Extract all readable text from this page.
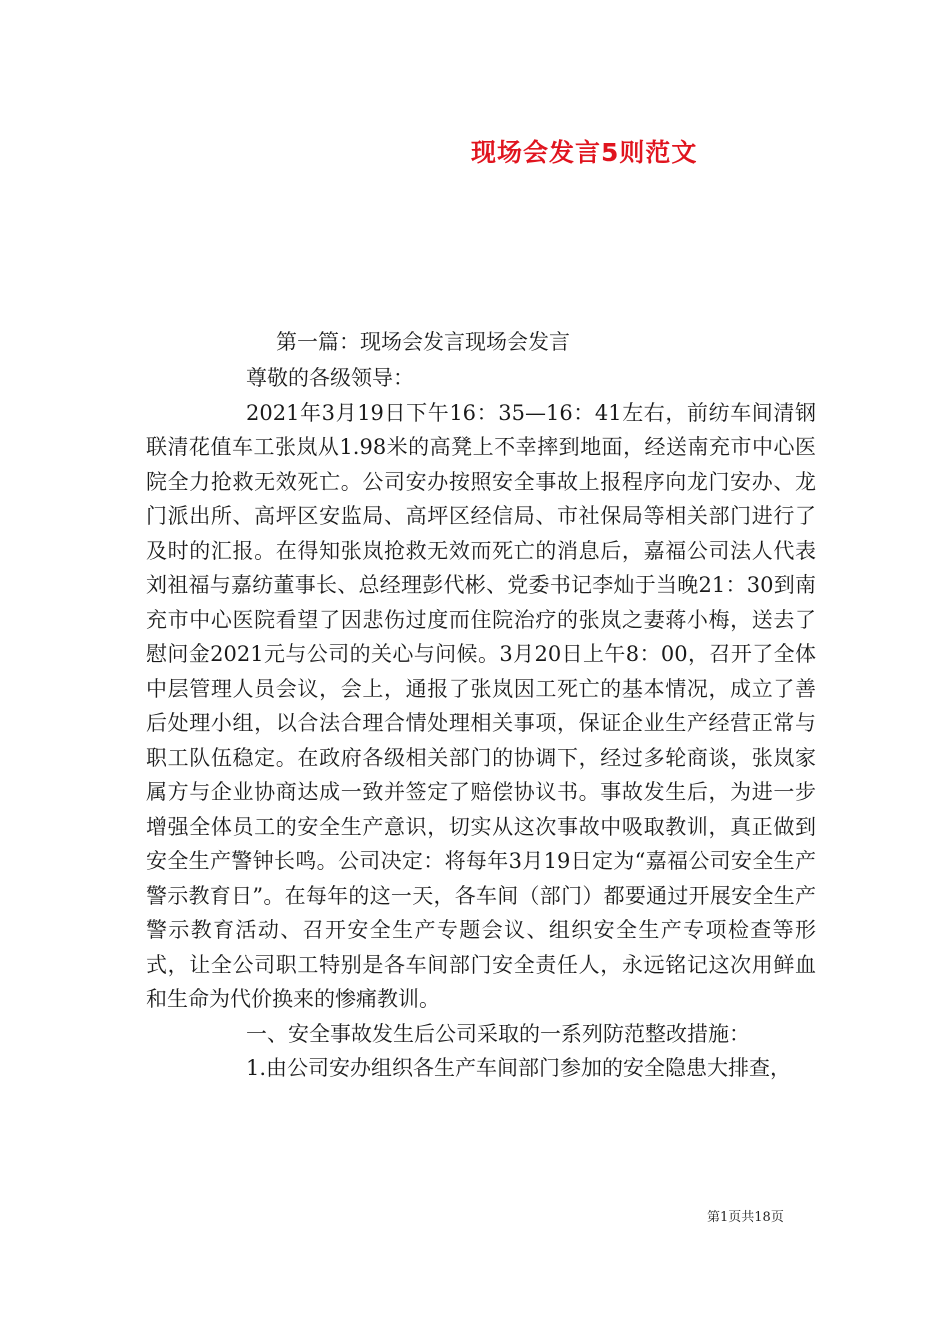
现场会发言5则范文
第一篇：现场会发言现场会发言

尊敬的各级领导：

2021年3月19日下午16：35—16：41左右，前纺车间清钢联清花值车工张岚从1.98米的高凳上不幸摔到地面，经送南充市中心医院全力抢救无效死亡。公司安办按照安全事故上报程序向龙门安办、龙门派出所、高坪区安监局、高坪区经信局、市社保局等相关部门进行了及时的汇报。在得知张岚抢救无效而死亡的消息后，嘉福公司法人代表刘祖福与嘉纺董事长、总经理彭代彬、党委书记李灿于当晚21：30到南充市中心医院看望了因悲伤过度而住院治疗的张岚之妻蒋小梅，送去了慰问金2021元与公司的关心与问候。3月20日上午8：00，召开了全体中层管理人员会议，会上，通报了张岚因工死亡的基本情况，成立了善后处理小组，以合法合理合情处理相关事项，保证企业生产经营正常与职工队伍稳定。在政府各级相关部门的协调下，经过多轮商谈，张岚家属方与企业协商达成一致并签定了赔偿协议书。事故发生后，为进一步增强全体员工的安全生产意识，切实从这次事故中吸取教训，真正做到安全生产警钟长鸣。公司决定：将每年3月19日定为“嘉福公司安全生产警示教育日”。在每年的这一天，各车间（部门）都要通过开展安全生产警示教育活动、召开安全生产专题会议、组织安全生产专项检查等形式，让全公司职工特别是各车间部门安全责任人，永远铭记这次用鲜血和生命为代价换来的惨痛教训。

一、安全事故发生后公司采取的一系列防范整改措施：

1.由公司安办组织各生产车间部门参加的安全隐患大排查，

第1页共18页
